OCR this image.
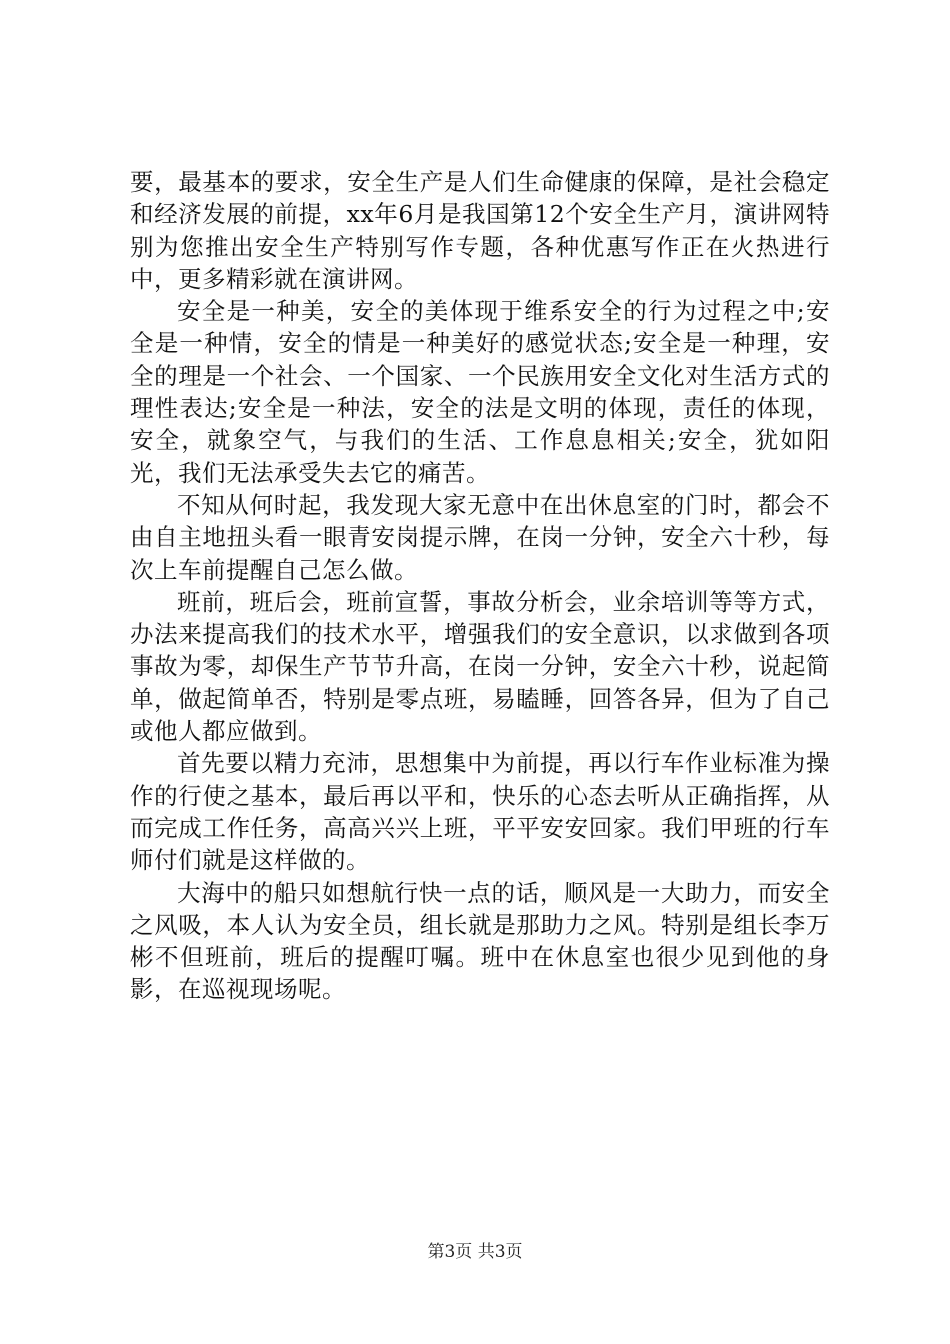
要，最基本的要求，安全生产是人们生命健康的保障，是社会稳定和经济发展的前提，xx年6月是我国第12个安全生产月，演讲网特别为您推出安全生产特别写作专题，各种优惠写作正在火热进行中，更多精彩就在演讲网。

安全是一种美，安全的美体现于维系安全的行为过程之中;安全是一种情，安全的情是一种美好的感觉状态;安全是一种理，安全的理是一个社会、一个国家、一个民族用安全文化对生活方式的理性表达;安全是一种法，安全的法是文明的体现，责任的体现，安全，就象空气，与我们的生活、工作息息相关;安全，犹如阳光，我们无法承受失去它的痛苦。

不知从何时起，我发现大家无意中在出休息室的门时，都会不由自主地扭头看一眼青安岗提示牌，在岗一分钟，安全六十秒，每次上车前提醒自己怎么做。

班前，班后会，班前宣誓，事故分析会，业余培训等等方式，办法来提高我们的技术水平，增强我们的安全意识，以求做到各项事故为零，却保生产节节升高，在岗一分钟，安全六十秒，说起简单，做起简单否，特别是零点班，易瞌睡，回答各异，但为了自己或他人都应做到。

首先要以精力充沛，思想集中为前提，再以行车作业标准为操作的行使之基本，最后再以平和，快乐的心态去听从正确指挥，从而完成工作任务，高高兴兴上班，平平安安回家。我们甲班的行车师付们就是这样做的。

大海中的船只如想航行快一点的话，顺风是一大助力，而安全之风吸，本人认为安全员，组长就是那助力之风。特别是组长李万彬不但班前，班后的提醒叮嘱。班中在休息室也很少见到他的身影，在巡视现场呢。

第3页 共3页
